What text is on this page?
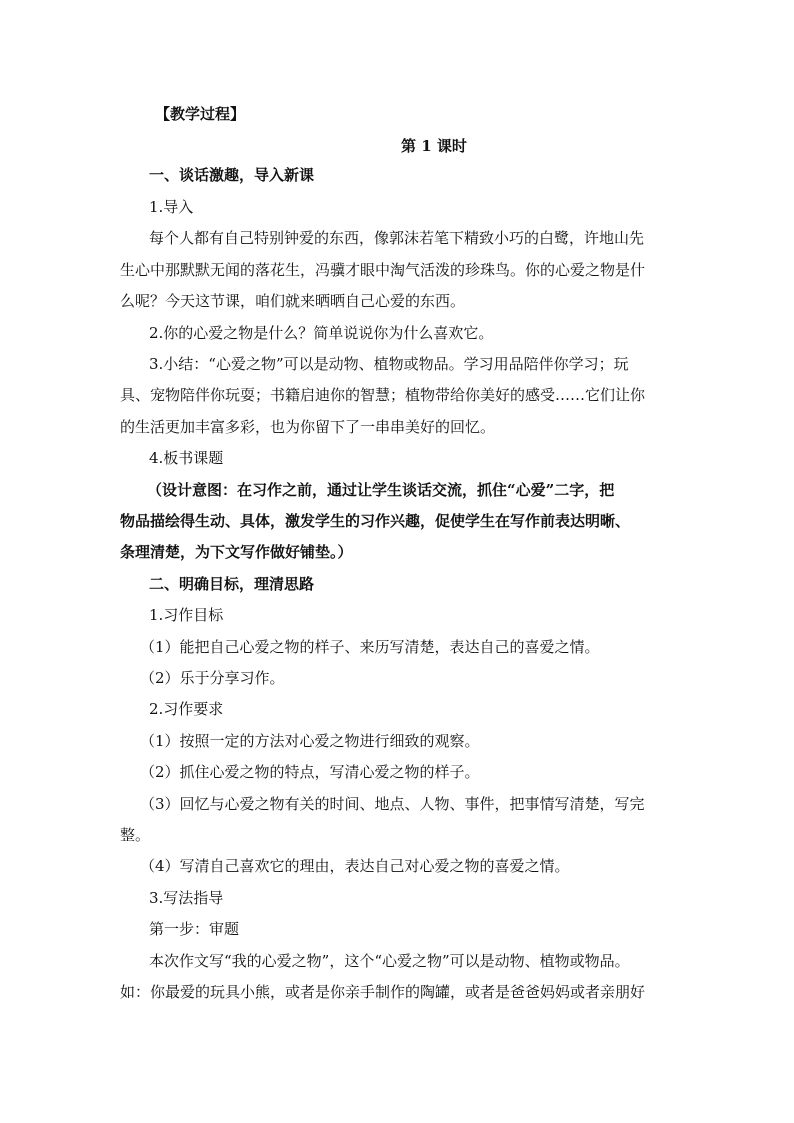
【教学过程】
第 1 课时
一、谈话激趣，导入新课
1.导入
每个人都有自己特别钟爱的东西，像郭沫若笔下精致小巧的白鹭，许地山先
生心中那默默无闻的落花生，冯骥才眼中淘气活泼的珍珠鸟。你的心爱之物是什
么呢？今天这节课，咱们就来晒晒自己心爱的东西。
2.你的心爱之物是什么？简单说说你为什么喜欢它。
3.小结：“心爱之物”可以是动物、植物或物品。学习用品陪伴你学习；玩
具、宠物陪伴你玩耍；书籍启迪你的智慧；植物带给你美好的感受……它们让你
的生活更加丰富多彩，也为你留下了一串串美好的回忆。
4.板书课题
（设计意图：在习作之前，通过让学生谈话交流，抓住“心爱”二字，把
物品描绘得生动、具体，激发学生的习作兴趣，促使学生在写作前表达明晰、
条理清楚，为下文写作做好铺垫。）
二、明确目标，理清思路
1.习作目标
（1）能把自己心爱之物的样子、来历写清楚，表达自己的喜爱之情。
（2）乐于分享习作。
2.习作要求
（1）按照一定的方法对心爱之物进行细致的观察。
（2）抓住心爱之物的特点，写清心爱之物的样子。
（3）回忆与心爱之物有关的时间、地点、人物、事件，把事情写清楚，写完
整。
（4）写清自己喜欢它的理由，表达自己对心爱之物的喜爱之情。
3.写法指导
第一步：审题
本次作文写“我的心爱之物”，这个“心爱之物”可以是动物、植物或物品。
如：你最爱的玩具小熊，或者是你亲手制作的陶罐，或者是爸爸妈妈或者亲朋好
